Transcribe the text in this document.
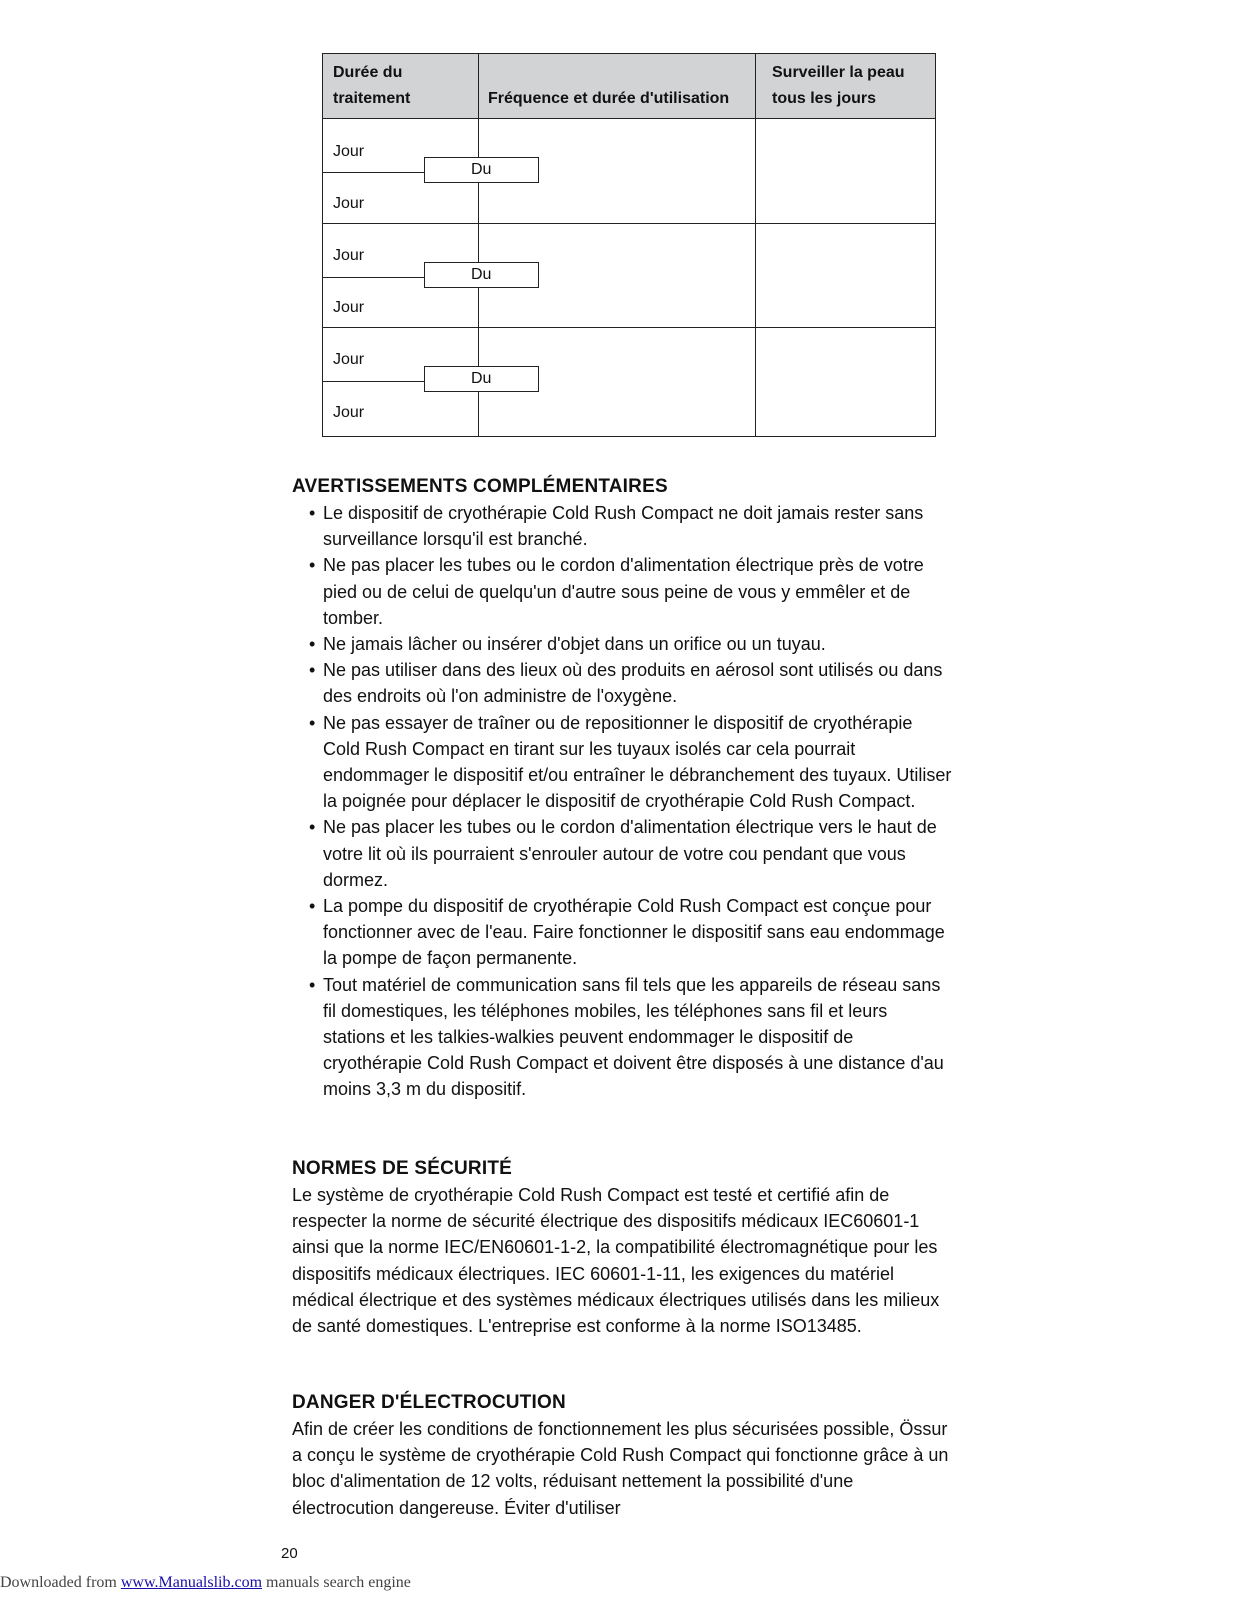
Durée du traitement	Fréquence et durée d'utilisation
Surveiller la peau tous les jours
Jour
Du
Jour
Jour
Du
Jour
Jour
Du
Jour
AVERTISSEMENTS COMPLÉMENTAIRES
• Le dispositif de cryothérapie Cold Rush Compact ne doit jamais rester sans surveillance lorsqu'il est branché.
• Ne pas placer les tubes ou le cordon d'alimentation électrique près de votre pied ou de celui de quelqu'un d'autre sous peine de vous y emmêler et de tomber.
• Ne jamais lâcher ou insérer d'objet dans un orifice ou un tuyau.
• Ne pas utiliser dans des lieux où des produits en aérosol sont utilisés ou dans des endroits où l'on administre de l'oxygène.
• Ne pas essayer de traîner ou de repositionner le dispositif de cryothérapie Cold Rush Compact en tirant sur les tuyaux isolés car cela pourrait endommager le dispositif et/ou entraîner le débranchement des tuyaux. Utiliser la poignée pour déplacer le dispositif de cryothérapie Cold Rush Compact.
• Ne pas placer les tubes ou le cordon d'alimentation électrique vers le haut de votre lit où ils pourraient s'enrouler autour de votre cou pendant que vous dormez.
• La pompe du dispositif de cryothérapie Cold Rush Compact est conçue pour fonctionner avec de l'eau. Faire fonctionner le dispositif sans eau endommage la pompe de façon permanente.
• Tout matériel de communication sans fil tels que les appareils de réseau sans fil domestiques, les téléphones mobiles, les téléphones sans fil et leurs stations et les talkies-walkies peuvent endommager le dispositif de cryothérapie Cold Rush Compact et doivent être disposés à une distance d'au moins 3,3 m du dispositif.
NORMES DE SÉCURITÉ

Le système de cryothérapie Cold Rush Compact est testé et certifié afin de respecter la norme de sécurité électrique des dispositifs médicaux IEC60601-1 ainsi que la norme IEC/EN60601-1-2, la compatibilité électromagnétique pour les dispositifs médicaux électriques. IEC 60601-1-11, les exigences du matériel médical électrique et des systèmes médicaux électriques utilisés dans les milieux de santé domestiques. L'entreprise est conforme à la norme ISO13485.

DANGER D'ÉLECTROCUTION

Afin de créer les conditions de fonctionnement les plus sécurisées possible, Össur a conçu le système de cryothérapie Cold Rush Compact qui fonctionne grâce à un bloc d'alimentation de 12 volts, réduisant nettement la possibilité d'une électrocution dangereuse. Éviter d'utiliser

20
Downloaded from www.Manualslib.com manuals search engine
